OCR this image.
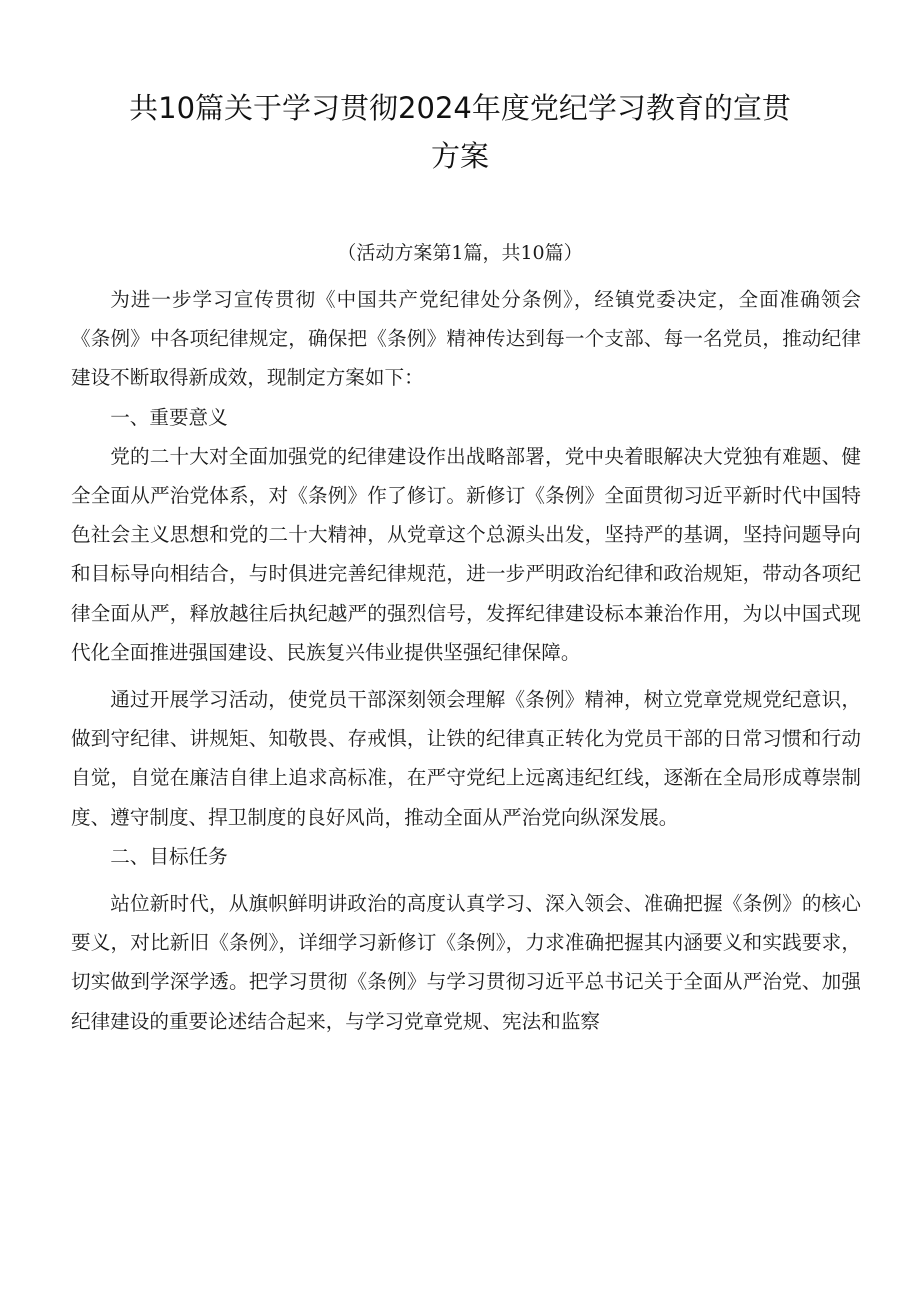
共10篇关于学习贯彻2024年度党纪学习教育的宣贯
方案

（活动方案第1篇，共10篇）

为进一步学习宣传贯彻《中国共产党纪律处分条例》，经镇党委决定，全面准确领会《条例》中各项纪律规定，确保把《条例》精神传达到每一个支部、每一名党员，推动纪律建设不断取得新成效，现制定方案如下：

一、重要意义

党的二十大对全面加强党的纪律建设作出战略部署，党中央着眼解决大党独有难题、健全全面从严治党体系，对《条例》作了修订。新修订《条例》全面贯彻习近平新时代中国特色社会主义思想和党的二十大精神，从党章这个总源头出发，坚持严的基调，坚持问题导向和目标导向相结合，与时俱进完善纪律规范，进一步严明政治纪律和政治规矩，带动各项纪律全面从严，释放越往后执纪越严的强烈信号，发挥纪律建设标本兼治作用，为以中国式现代化全面推进强国建设、民族复兴伟业提供坚强纪律保障。

通过开展学习活动，使党员干部深刻领会理解《条例》精神，树立党章党规党纪意识，做到守纪律、讲规矩、知敬畏、存戒惧，让铁的纪律真正转化为党员干部的日常习惯和行动自觉，自觉在廉洁自律上追求高标准，在严守党纪上远离违纪红线，逐渐在全局形成尊崇制度、遵守制度、捍卫制度的良好风尚，推动全面从严治党向纵深发展。

二、目标任务

站位新时代，从旗帜鲜明讲政治的高度认真学习、深入领会、准确把握《条例》的核心要义，对比新旧《条例》，详细学习新修订《条例》，力求准确把握其内涵要义和实践要求，切实做到学深学透。把学习贯彻《条例》与学习贯彻习近平总书记关于全面从严治党、加强纪律建设的重要论述结合起来，与学习党章党规、宪法和监察
